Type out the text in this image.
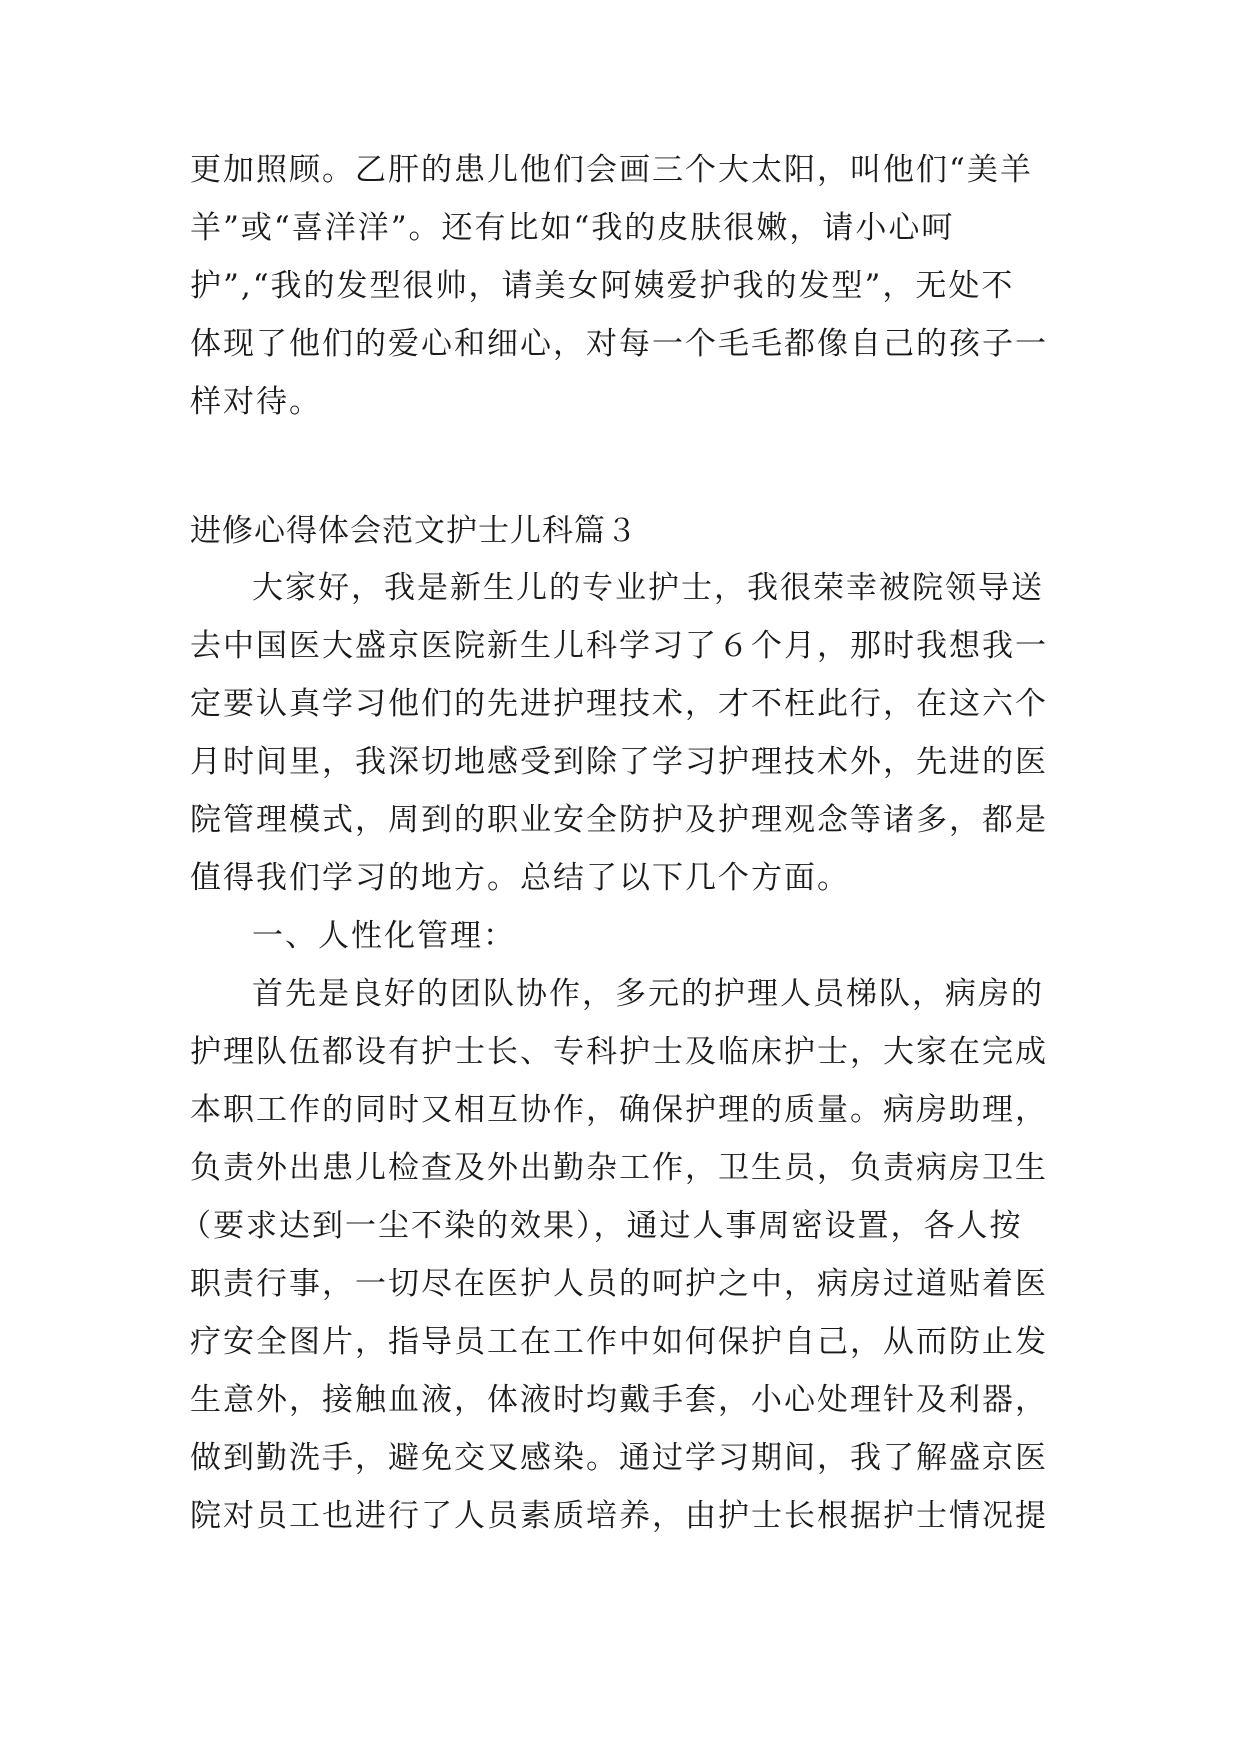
更加照顾。乙肝的患儿他们会画三个大太阳，叫他们“美羊
羊”或“喜洋洋”。还有比如“我的皮肤很嫩，请小心呵
护”,“我的发型很帅，请美女阿姨爱护我的发型”，无处不
体现了他们的爱心和细心，对每一个毛毛都像自己的孩子一
样对待。
进修心得体会范文护士儿科篇３
大家好，我是新生儿的专业护士，我很荣幸被院领导送
去中国医大盛京医院新生儿科学习了６个月，那时我想我一
定要认真学习他们的先进护理技术，才不枉此行，在这六个
月时间里，我深切地感受到除了学习护理技术外，先进的医
院管理模式，周到的职业安全防护及护理观念等诸多，都是
值得我们学习的地方。总结了以下几个方面。
一、人性化管理：
首先是良好的团队协作，多元的护理人员梯队，病房的
护理队伍都设有护士长、专科护士及临床护士，大家在完成
本职工作的同时又相互协作，确保护理的质量。病房助理，
负责外出患儿检查及外出勤杂工作，卫生员，负责病房卫生
（要求达到一尘不染的效果），通过人事周密设置，各人按
职责行事，一切尽在医护人员的呵护之中，病房过道贴着医
疗安全图片，指导员工在工作中如何保护自己，从而防止发
生意外，接触血液，体液时均戴手套，小心处理针及利器，
做到勤洗手，避免交叉感染。通过学习期间，我了解盛京医
院对员工也进行了人员素质培养，由护士长根据护士情况提
